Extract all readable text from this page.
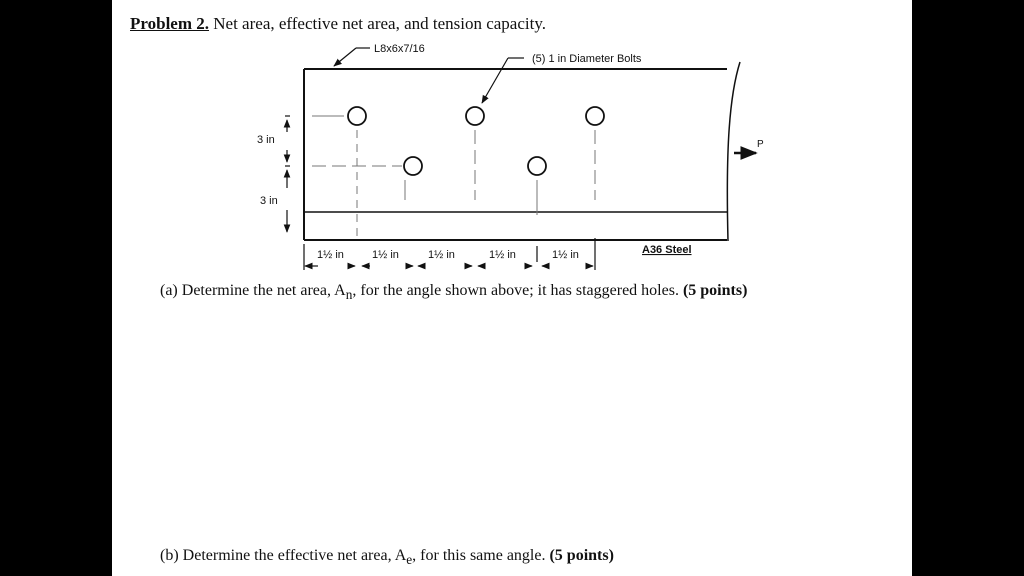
Problem 2. Net area, effective net area, and tension capacity.
L8x6x7/16
(5) 1 in Diameter Bolts
P
3 in
3 in
1½ in	1½ in	1½ in	1½ in	1½ in	A36 Steel
(a) Determine the net area, $A_n$, for the angle shown above; it has staggered holes. (5 points)
(b) Determine the effective net area, $A_e$, for this same angle. (5 points)
